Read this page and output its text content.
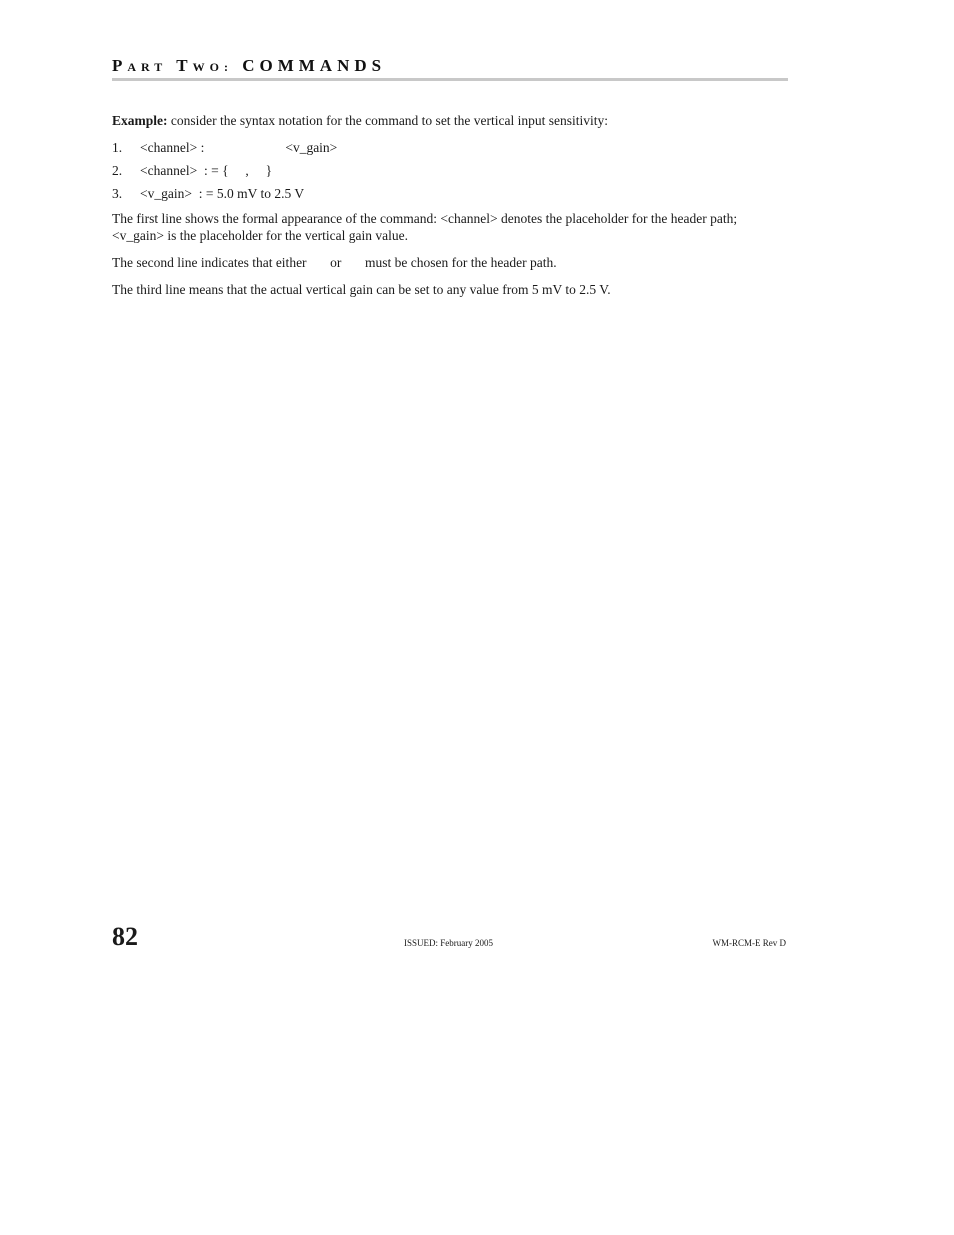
PART TWO: COMMANDS

Example: consider the syntax notation for the command to set the vertical input sensitivity:

1. <channel> :                        <v_gain>
2. <channel>  : = {     ,     }
3. <v_gain>  : = 5.0 mV to 2.5 V

The first line shows the formal appearance of the command: <channel> denotes the placeholder for the header path; <v_gain> is the placeholder for the vertical gain value.

The second line indicates that either       or       must be chosen for the header path.

The third line means that the actual vertical gain can be set to any value from 5 mV to 2.5 V.

82	ISSUED: February 2005	WM-RCM-E Rev D
